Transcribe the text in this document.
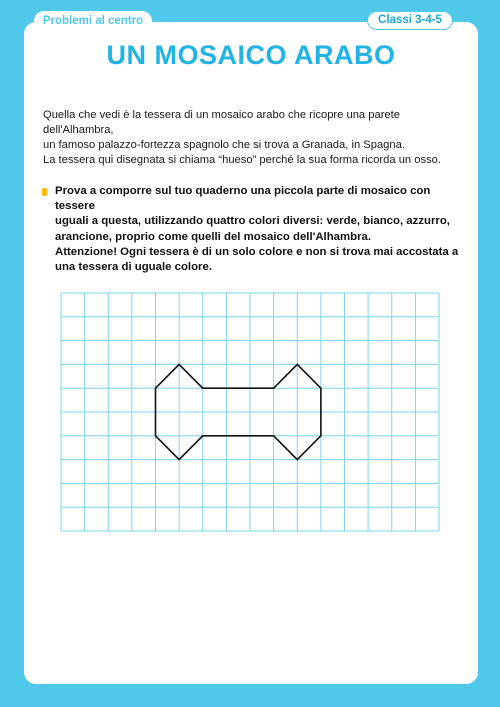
Problemi al centro	Classi 3-4-5
UN MOSAICO ARABO

Quella che vedi è la tessera di un mosaico arabo che ricopre una parete dell'Alhambra,

un famoso palazzo-fortezza spagnolo che si trova a Granada, in Spagna.

La tessera qui disegnata si chiama “hueso” perché la sua forma ricorda un osso.

Prova a comporre sul tuo quaderno una piccola parte di mosaico con tessere

uguali a questa, utilizzando quattro colori diversi: verde, bianco, azzurro,

arancione, proprio come quelli del mosaico dell'Alhambra.

Attenzione! Ogni tessera è di un solo colore e non si trova mai accostata a

una tessera di uguale colore.
